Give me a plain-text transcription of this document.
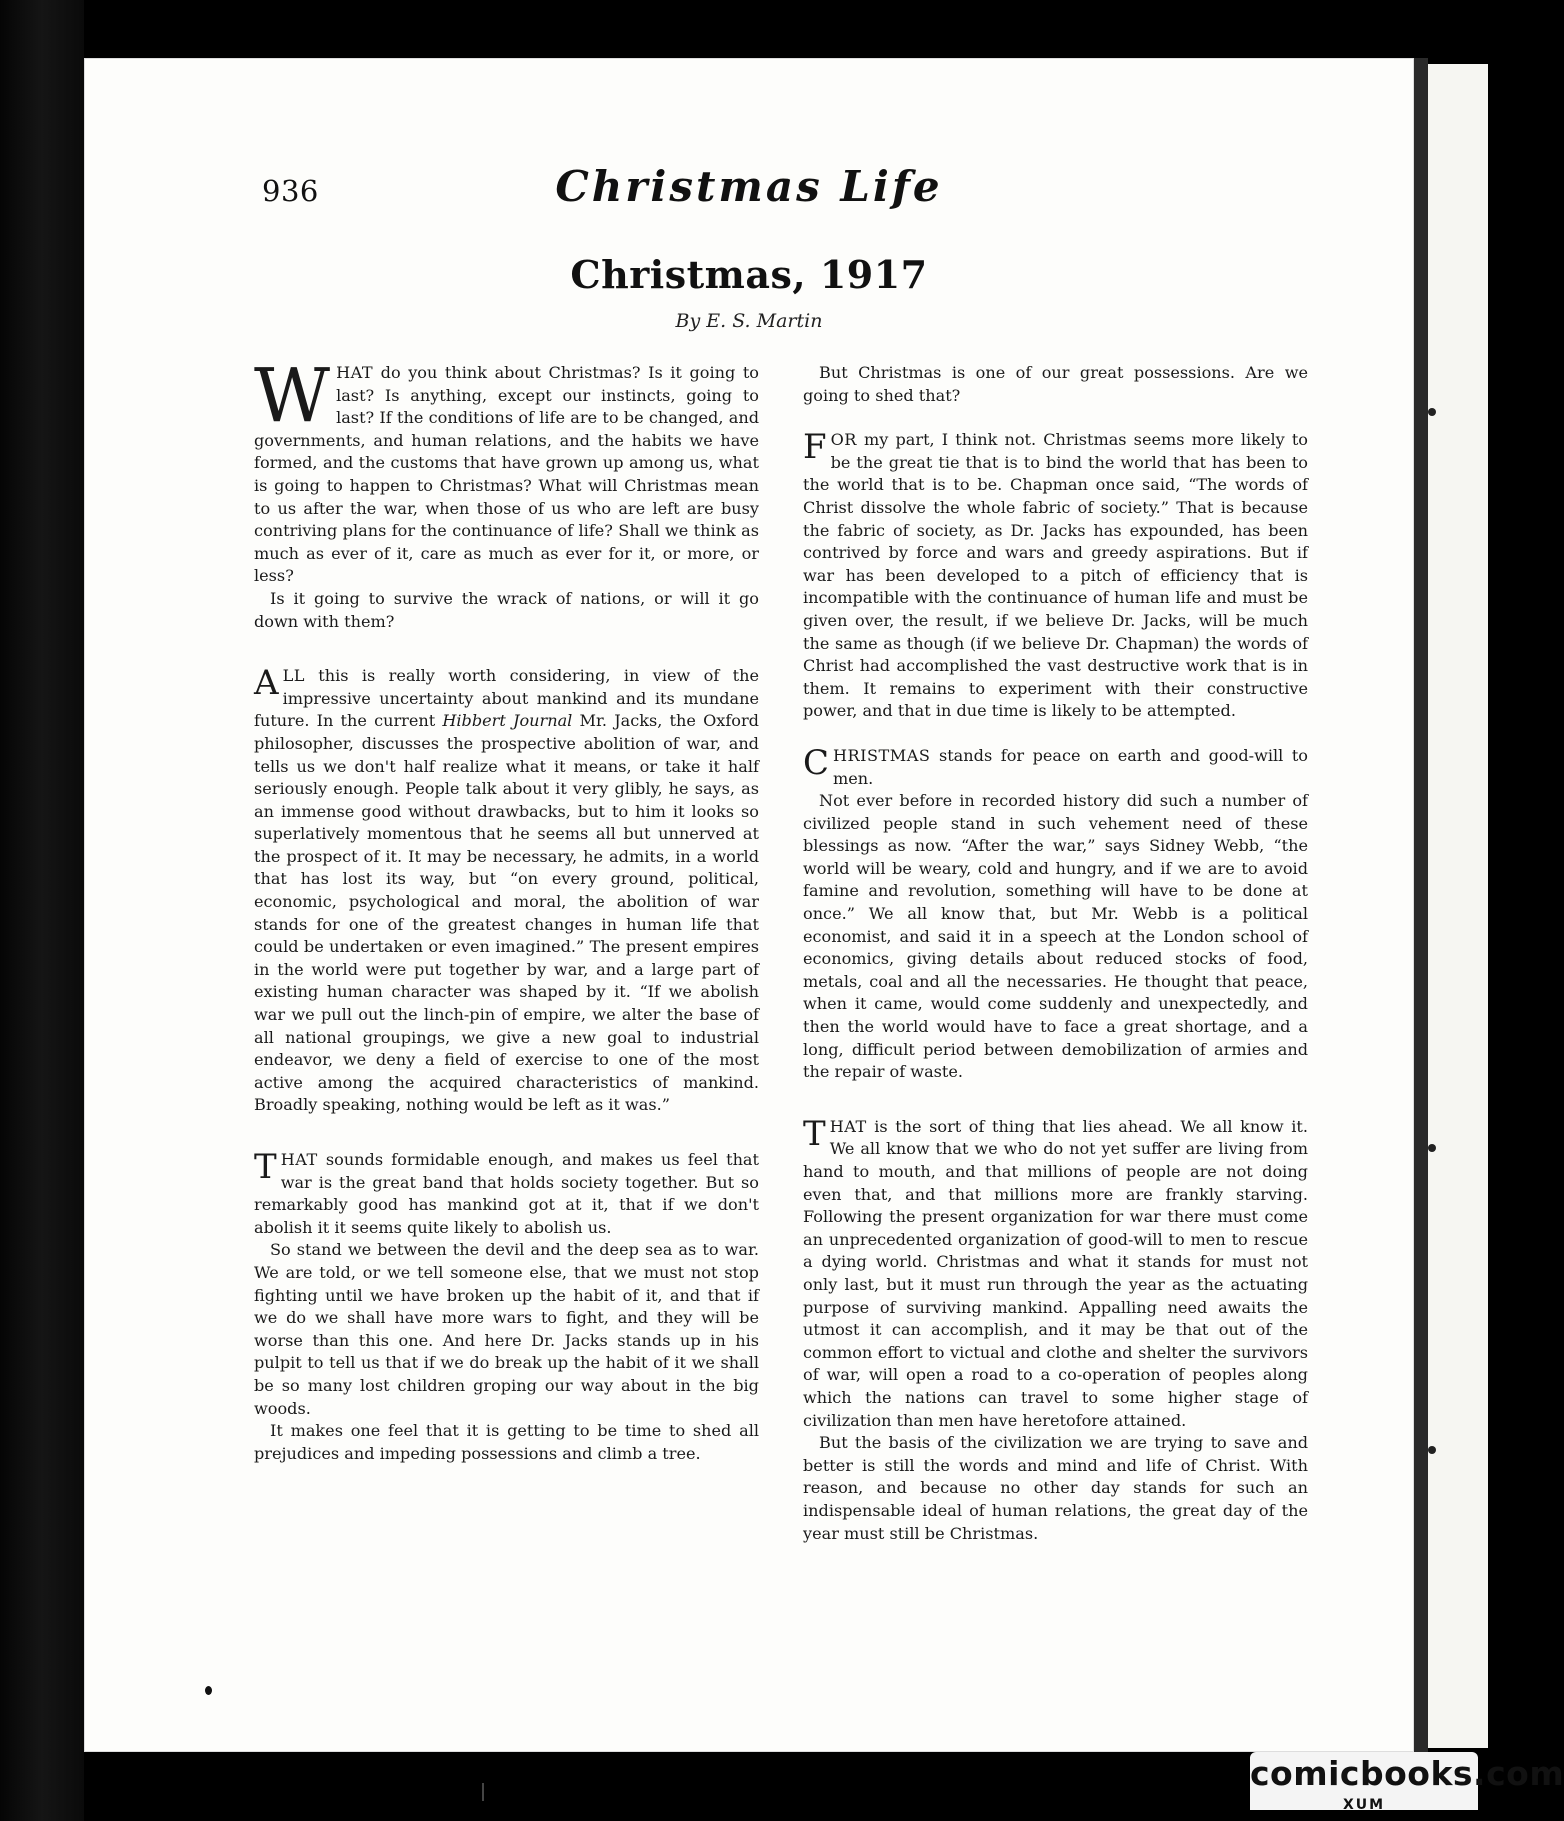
936	Christmas Life
Christmas, 1917
By E. S. Martin

WHAT do you think about Christmas? Is it going to last? Is anything, except our instincts, going to last? If the conditions of life are to be changed, and governments, and human relations, and the habits we have formed, and the customs that have grown up among us, what is going to happen to Christmas? What will Christmas mean to us after the war, when those of us who are left are busy contriving plans for the continuance of life? Shall we think as much as ever of it, care as much as ever for it, or more, or less?

Is it going to survive the wrack of nations, or will it go down with them?

ALL this is really worth considering, in view of the impressive uncertainty about mankind and its mundane future. In the current Hibbert Journal Mr. Jacks, the Oxford philosopher, discusses the prospective abolition of war, and tells us we don't half realize what it means, or take it half seriously enough. People talk about it very glibly, he says, as an immense good without drawbacks, but to him it looks so superlatively momentous that he seems all but unnerved at the prospect of it. It may be necessary, he admits, in a world that has lost its way, but “on every ground, political, economic, psychological and moral, the abolition of war stands for one of the greatest changes in human life that could be undertaken or even imagined.” The present empires in the world were put together by war, and a large part of existing human character was shaped by it. “If we abolish war we pull out the linch-pin of empire, we alter the base of all national groupings, we give a new goal to industrial endeavor, we deny a field of exercise to one of the most active among the acquired characteristics of mankind. Broadly speaking, nothing would be left as it was.”

THAT sounds formidable enough, and makes us feel that war is the great band that holds society together. But so remarkably good has mankind got at it, that if we don't abolish it it seems quite likely to abolish us.

So stand we between the devil and the deep sea as to war. We are told, or we tell someone else, that we must not stop fighting until we have broken up the habit of it, and that if we do we shall have more wars to fight, and they will be worse than this one. And here Dr. Jacks stands up in his pulpit to tell us that if we do break up the habit of it we shall be so many lost children groping our way about in the big woods.

It makes one feel that it is getting to be time to shed all prejudices and impeding possessions and climb a tree.

But Christmas is one of our great possessions. Are we going to shed that?

FOR my part, I think not. Christmas seems more likely to be the great tie that is to bind the world that has been to the world that is to be. Chapman once said, “The words of Christ dissolve the whole fabric of society.” That is because the fabric of society, as Dr. Jacks has expounded, has been contrived by force and wars and greedy aspirations. But if war has been developed to a pitch of efficiency that is incompatible with the continuance of human life and must be given over, the result, if we believe Dr. Jacks, will be much the same as though (if we believe Dr. Chapman) the words of Christ had accomplished the vast destructive work that is in them. It remains to experiment with their constructive power, and that in due time is likely to be attempted.

CHRISTMAS stands for peace on earth and good-will to men.

Not ever before in recorded history did such a number of civilized people stand in such vehement need of these blessings as now. “After the war,” says Sidney Webb, “the world will be weary, cold and hungry, and if we are to avoid famine and revolution, something will have to be done at once.” We all know that, but Mr. Webb is a political economist, and said it in a speech at the London school of economics, giving details about reduced stocks of food, metals, coal and all the necessaries. He thought that peace, when it came, would come suddenly and unexpectedly, and then the world would have to face a great shortage, and a long, difficult period between demobilization of armies and the repair of waste.

THAT is the sort of thing that lies ahead. We all know it. We all know that we who do not yet suffer are living from hand to mouth, and that millions of people are not doing even that, and that millions more are frankly starving. Following the present organization for war there must come an unprecedented organization of good-will to men to rescue a dying world. Christmas and what it stands for must not only last, but it must run through the year as the actuating purpose of surviving mankind. Appalling need awaits the utmost it can accomplish, and it may be that out of the common effort to victual and clothe and shelter the survivors of war, will open a road to a co-operation of peoples along which the nations can travel to some higher stage of civilization than men have heretofore attained.

But the basis of the civilization we are trying to save and better is still the words and mind and life of Christ. With reason, and because no other day stands for such an indispensable ideal of human relations, the great day of the year must still be Christmas.

comicbooks.com
XUM
